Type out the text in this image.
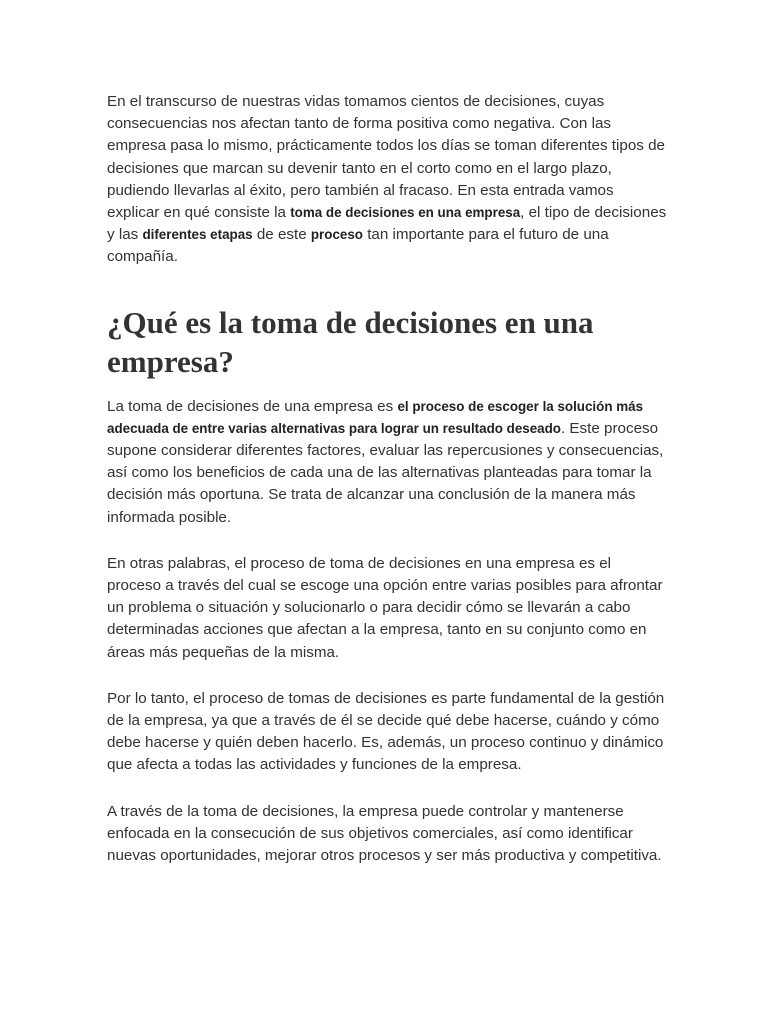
En el transcurso de nuestras vidas tomamos cientos de decisiones, cuyas consecuencias nos afectan tanto de forma positiva como negativa. Con las empresa pasa lo mismo, prácticamente todos los días se toman diferentes tipos de decisiones que marcan su devenir tanto en el corto como en el largo plazo, pudiendo llevarlas al éxito, pero también al fracaso. En esta entrada vamos explicar en qué consiste la toma de decisiones en una empresa, el tipo de decisiones y las diferentes etapas de este proceso tan importante para el futuro de una compañía.

¿Qué es la toma de decisiones en una empresa?

La toma de decisiones de una empresa es el proceso de escoger la solución más adecuada de entre varias alternativas para lograr un resultado deseado. Este proceso supone considerar diferentes factores, evaluar las repercusiones y consecuencias, así como los beneficios de cada una de las alternativas planteadas para tomar la decisión más oportuna. Se trata de alcanzar una conclusión de la manera más informada posible.

En otras palabras, el proceso de toma de decisiones en una empresa es el proceso a través del cual se escoge una opción entre varias posibles para afrontar un problema o situación y solucionarlo o para decidir cómo se llevarán a cabo determinadas acciones que afectan a la empresa, tanto en su conjunto como en áreas más pequeñas de la misma.

Por lo tanto, el proceso de tomas de decisiones es parte fundamental de la gestión de la empresa, ya que a través de él se decide qué debe hacerse, cuándo y cómo debe hacerse y quién deben hacerlo. Es, además, un proceso continuo y dinámico que afecta a todas las actividades y funciones de la empresa.

A través de la toma de decisiones, la empresa puede controlar y mantenerse enfocada en la consecución de sus objetivos comerciales, así como identificar nuevas oportunidades, mejorar otros procesos y ser más productiva y competitiva.
